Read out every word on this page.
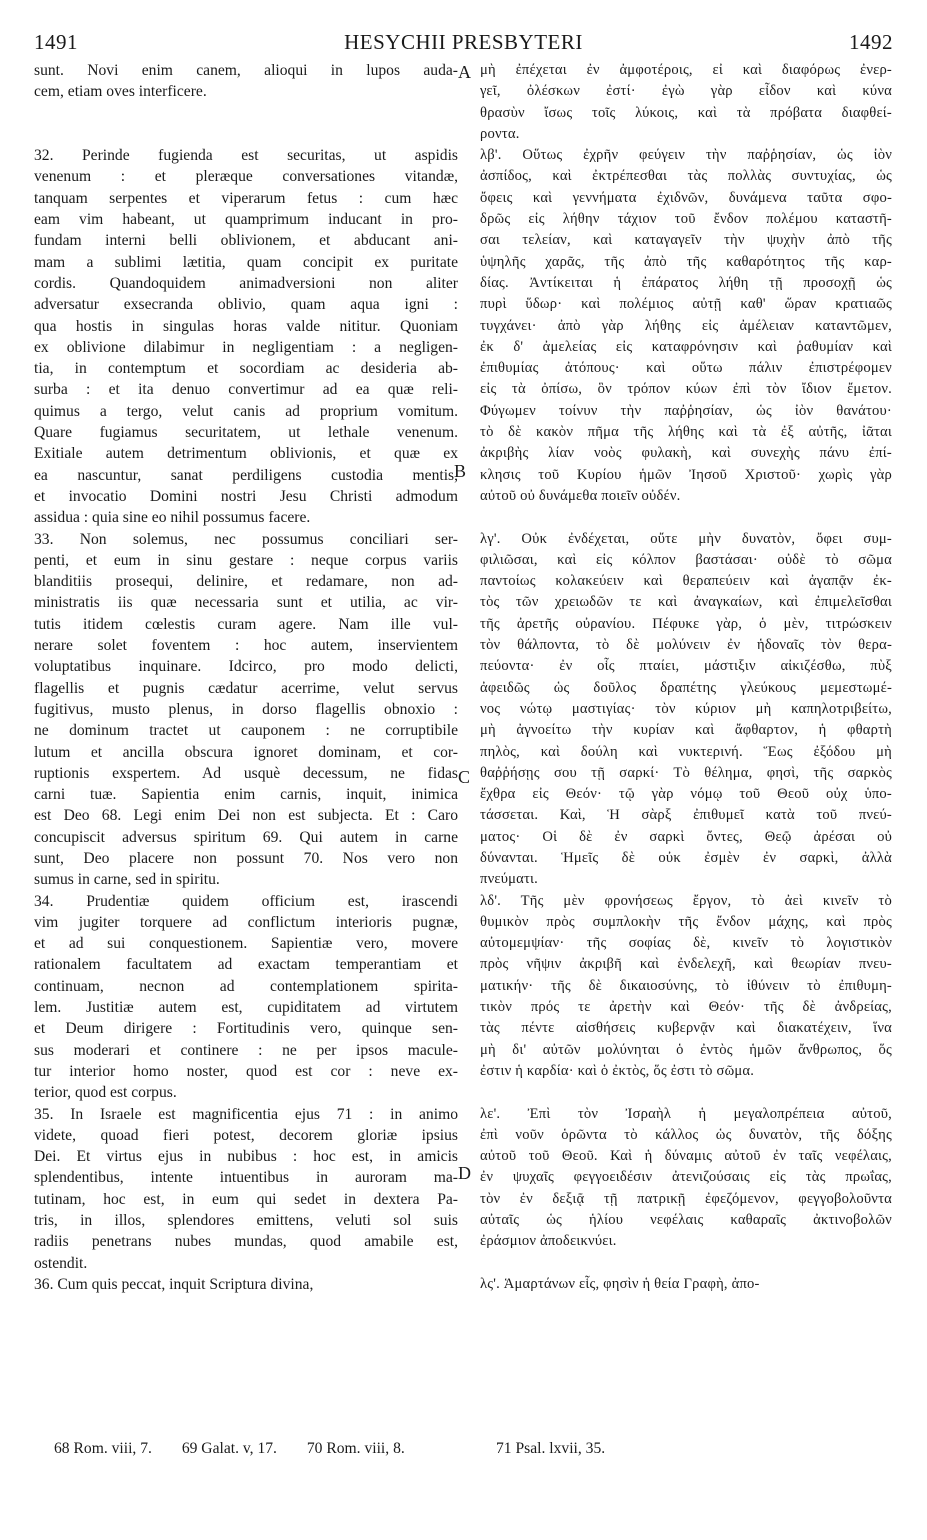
1491	HESYCHII PRESBYTERI	1492
sunt. Novi enim canem, alioqui in lupos auda-
cem, etiam oves interficere.
32. Perinde fugienda est securitas, ut aspidis
venenum : et pleræque conversationes vitandæ,
tanquam serpentes et viperarum fetus : cum hæc
eam vim habeant, ut quamprimum inducant in pro-
fundam interni belli oblivionem, et abducant ani-
mam a sublimi lætitia, quam concipit ex puritate
cordis. Quandoquidem animadversioni non aliter
adversatur exsecranda oblivio, quam aqua igni :
qua hostis in singulas horas valde nititur. Quoniam
ex oblivione dilabimur in negligentiam : a negligen-
tia, in contemptum et socordiam ac desideria ab-
surba : et ita denuo convertimur ad ea quæ reli-
quimus a tergo, velut canis ad proprium vomitum.
Quare fugiamus securitatem, ut lethale venenum.
Exitiale autem detrimentum oblivionis, et quæ ex
ea nascuntur, sanat perdiligens custodia mentis,
et invocatio Domini nostri Jesu Christi admodum
assidua : quia sine eo nihil possumus facere.
33. Non solemus, nec possumus conciliari ser-
penti, et eum in sinu gestare : neque corpus variis
blanditiis prosequi, delinire, et redamare, non ad-
ministratis iis quæ necessaria sunt et utilia, ac vir-
tutis itidem cœlestis curam agere. Nam ille vul-
nerare solet foventem : hoc autem, inservientem
voluptatibus inquinare. Idcirco, pro modo delicti,
flagellis et pugnis cædatur acerrime, velut servus
fugitivus, musto plenus, in dorso flagellis obnoxio :
ne dominum tractet ut cauponem : ne corruptibile
lutum et ancilla obscura ignoret dominam, et cor-
ruptionis exspertem. Ad usquè decessum, ne fidas
carni tuæ. Sapientia enim carnis, inquit, inimica
est Deo 68. Legi enim Dei non est subjecta. Et : Caro
concupiscit adversus spiritum 69. Qui autem in carne
sunt, Deo placere non possunt 70. Nos vero non
sumus in carne, sed in spiritu.
34. Prudentiæ quidem officium est, irascendi
vim jugiter torquere ad conflictum interioris pugnæ,
et ad sui conquestionem. Sapientiæ vero, movere
rationalem facultatem ad exactam temperantiam et
continuam, necnon ad contemplationem spirita-
lem. Justitiæ autem est, cupiditatem ad virtutem
et Deum dirigere : Fortitudinis vero, quinque sen-
sus moderari et continere : ne per ipsos macule-
tur interior homo noster, quod est cor : neve ex-
terior, quod est corpus.
35. In Israele est magnificentia ejus 71 : in animo
videte, quoad fieri potest, decorem gloriæ ipsius
Dei. Et virtus ejus in nubibus : hoc est, in amicis
splendentibus, intente intuentibus in auroram ma-
tutinam, hoc est, in eum qui sedet in dextera Pa-
tris, in illos, splendores emittens, veluti sol suis
radiis penetrans nubes mundas, quod amabile est,
ostendit.
36. Cum quis peccat, inquit Scriptura divina,
μὴ ἐπέχεται ἐν ἀμφοτέροις, εἰ καὶ διαφόρως ἐνερ-
γεῖ, ὀλέσκων ἐστί· ἐγὼ γὰρ εἶδον καὶ κύνα
θρασὺν ἴσως τοῖς λύκοις, καὶ τὰ πρόβατα διαφθεί-
ροντα.
λβ'. Οὕτως ἐχρῆν φεύγειν τὴν παῤῥησίαν, ὡς ἰὸν
ἀσπίδος, καὶ ἐκτρέπεσθαι τὰς πολλὰς συντυχίας, ὡς
ὄφεις καὶ γεννήματα ἐχιδνῶν, δυνάμενα ταῦτα σφο-
δρῶς εἰς λήθην τάχιον τοῦ ἔνδον πολέμου καταστῆ-
σαι τελείαν, καὶ καταγαγεῖν τὴν ψυχὴν ἀπὸ τῆς
ὑψηλῆς χαρᾶς, τῆς ἀπὸ τῆς καθαρότητος τῆς καρ-
δίας. Ἀντίκειται ἡ ἐπάρατος λήθη τῇ προσοχῇ ὡς
πυρὶ ὕδωρ· καὶ πολέμιος αὐτῇ καθ' ὥραν κρατιαῶς
τυγχάνει· ἀπὸ γὰρ λήθης εἰς ἀμέλειαν καταντῶμεν,
ἐκ δ' ἀμελείας εἰς καταφρόνησιν καὶ ῥαθυμίαν καὶ
ἐπιθυμίας ἀτόπους· καὶ οὕτω πάλιν ἐπιστρέφομεν
εἰς τὰ ὀπίσω, ὃν τρόπον κύων ἐπὶ τὸν ἴδιον ἔμετον.
Φύγωμεν τοίνυν τὴν παῤῥησίαν, ὡς ἰὸν θανάτου·
τὸ δὲ κακὸν πῆμα τῆς λήθης καὶ τὰ ἐξ αὐτῆς, ἰᾶται
ἀκριβὴς λίαν νοὸς φυλακὴ, καὶ συνεχὴς πάνυ ἐπί-
κλησις τοῦ Κυρίου ἡμῶν Ἰησοῦ Χριστοῦ· χωρὶς γὰρ
αὐτοῦ οὐ δυνάμεθα ποιεῖν οὐδέν.
λγ'. Οὐκ ἐνδέχεται, οὔτε μὴν δυνατὸν, ὄφει συμ-
φιλιῶσαι, καὶ εἰς κόλπον βαστάσαι· οὐδὲ τὸ σῶμα
παντοίως κολακεύειν καὶ θεραπεύειν καὶ ἀγαπᾷν ἐκ-
τὸς τῶν χρειωδῶν τε καὶ ἀναγκαίων, καὶ ἐπιμελεῖσθαι
τῆς ἀρετῆς οὐρανίου. Πέφυκε γὰρ, ὁ μὲν, τιτρώσκειν
τὸν θάλποντα, τὸ δὲ μολύνειν ἐν ἡδοναῖς τὸν θερα-
πεύοντα· ἐν οἷς πταίει, μάστιξιν αἰκιζέσθω, πὺξ
ἀφειδῶς ὡς δοῦλος δραπέτης γλεύκους μεμεστωμέ-
νος νώτῳ μαστιγίας· τὸν κύριον μὴ καπηλοτριβείτω,
μὴ ἀγνοείτω τὴν κυρίαν καὶ ἄφθαρτον, ἡ φθαρτὴ
πηλὸς, καὶ δούλη καὶ νυκτερινή. Ἕως ἐξόδου μὴ
θαῤῥήσῃς σου τῇ σαρκί· Τὸ θέλημα, φησὶ, τῆς σαρκὸς
ἔχθρα εἰς Θεόν· τῷ γὰρ νόμῳ τοῦ Θεοῦ οὐχ ὑπο-
τάσσεται. Καὶ, Ἡ σὰρξ ἐπιθυμεῖ κατὰ τοῦ πνεύ-
ματος· Οἱ δὲ ἐν σαρκὶ ὄντες, Θεῷ ἀρέσαι οὐ
δύνανται. Ἡμεῖς δὲ οὐκ ἐσμὲν ἐν σαρκὶ, ἀλλὰ
πνεύματι.
λδ'. Τῆς μὲν φρονήσεως ἔργον, τὸ ἀεὶ κινεῖν τὸ
θυμικὸν πρὸς συμπλοκὴν τῆς ἔνδον μάχης, καὶ πρὸς
αὐτομεμψίαν· τῆς σοφίας δὲ, κινεῖν τὸ λογιστικὸν
πρὸς νῆψιν ἀκριβῆ καὶ ἐνδελεχῆ, καὶ θεωρίαν πνευ-
ματικήν· τῆς δὲ δικαιοσύνης, τὸ ἰθύνειν τὸ ἐπιθυμη-
τικὸν πρός τε ἀρετὴν καὶ Θεόν· τῆς δὲ ἀνδρείας,
τὰς πέντε αἰσθήσεις κυβερνᾷν καὶ διακατέχειν, ἵνα
μὴ δι' αὐτῶν μολύνηται ὁ ἐντὸς ἡμῶν ἄνθρωπος, ὅς
ἐστιν ἡ καρδία· καὶ ὁ ἐκτὸς, ὅς ἐστι τὸ σῶμα.
λε'. Ἐπὶ τὸν Ἰσραὴλ ἡ μεγαλοπρέπεια αὐτοῦ,
ἐπὶ νοῦν ὁρῶντα τὸ κάλλος ὡς δυνατὸν, τῆς δόξης
αὐτοῦ τοῦ Θεοῦ. Καὶ ἡ δύναμις αὐτοῦ ἐν ταῖς νεφέλαις,
ἐν ψυχαῖς φεγγοειδέσιν ἀτενιζούσαις εἰς τὰς πρωΐας,
τὸν ἐν δεξιᾷ τῇ πατρικῇ ἐφεζόμενον, φεγγοβολοῦντα
αὐταῖς ὡς ἡλίου νεφέλαις καθαραῖς ἀκτινοβολῶν
ἐράσμιον ἀποδεικνύει.
λς'. Ἁμαρτάνων εἷς, φησὶν ἡ θεία Γραφὴ, ἀπο-
A
B
C
D
68 Rom. viii, 7. 69 Galat. v, 17. 70 Rom. viii, 8.	71 Psal. lxvii, 35.
